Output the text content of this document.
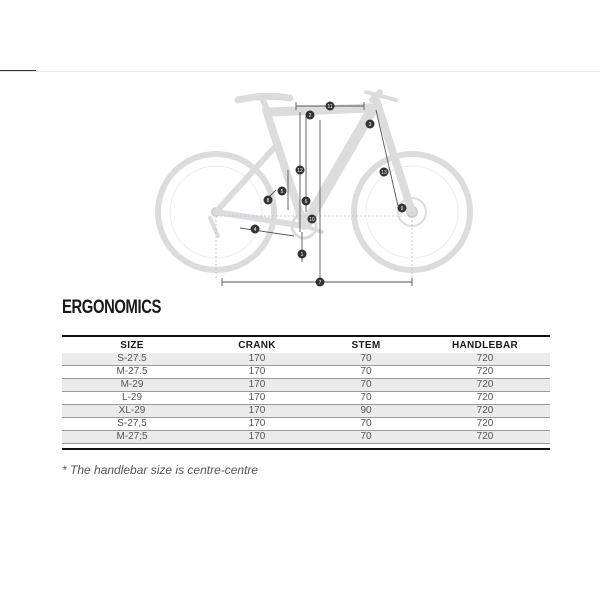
11
2
3
12	13
5
8	6
10
9
4
1
7
ERGONOMICS
SIZE	CRANK	STEM	HANDLEBAR
S-27.5	170	70	720
M-27.5	170	70	720
M-29	170	70	720
L-29	170	70	720
XL-29	170	90	720
S-27,5	170	70	720
M-27;5	170	70	720
* The handlebar size is centre-centre
